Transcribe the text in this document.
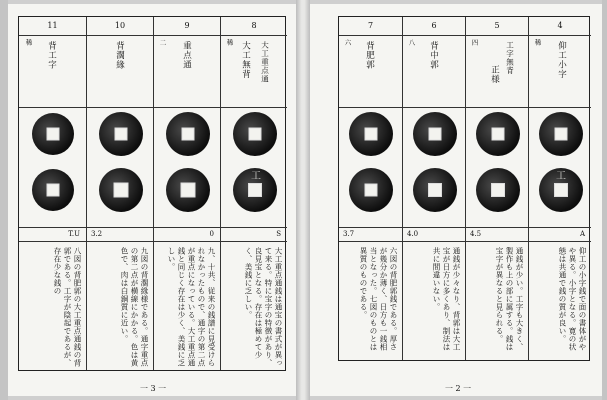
11
稀 背工字
T.U
八図の背肥郭の大工重点通銭の背郭である。工字が陰起であるが、存在少な銭の
10
背濶緣
3.2
九図の背濶緣様である。通字重点の第二点が横線にかかる。色は黄色で、肉は白銅質に近い。
9
二 重点通
0
九、十共、従来の銭譜に見受けられなかったもので、通字の第二点が重点になっている。大工重点通銭と同じく存在は少く、美銭に乏しい。
8
稀 大工無背 大工重点通
工
S
大工重点通銭は通宝の書式が異って来る。特に宝字の特徴があり、良見宝となる。存在は極めて少く、美銭に乏しい。
一 3 一
7
六 背肥郭
3.7
六図の背肥郭銭である。厚さが幾分か薄く、日方も一銭相当となった。七図のものとは異質のものである。
6
八 背中郭
4.0
通銭が少々なり、背郭は大工宝が日方に多くあり、制法は共に間違いない。
5
四
正様 工字無背
4.5
通銭が少い。工字も大きく、製作も上の部に属する。銭は宝字が異なると見られる。
4
稀 仰工小字
工
A
仰工の小字銭で面の書体がやや異る。小字となる。寛の状態は共通で銭の質が良い。
一 2 一
